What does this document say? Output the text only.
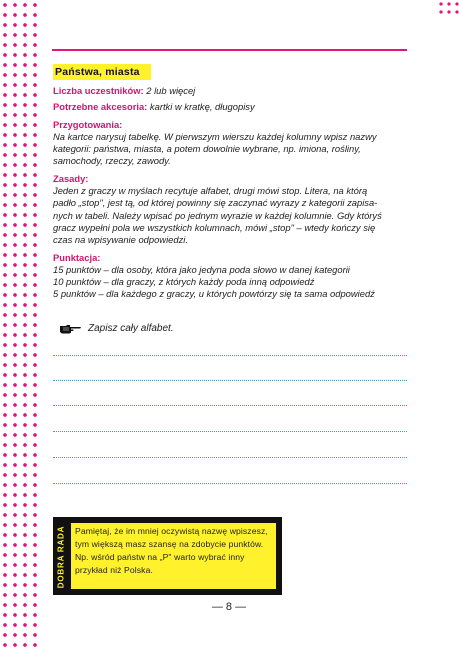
Państwa, miasta

Liczba uczestników: 2 lub więcej

Potrzebne akcesoria: kartki w kratkę, długopisy

Przygotowania:

Na kartce narysuj tabelkę. W pierwszym wierszu każdej kolumny wpisz nazwy

kategorii: państwa, miasta, a potem dowolnie wybrane, np. imiona, rośliny,

samochody, rzeczy, zawody.

Zasady:

Jeden z graczy w myślach recytuje alfabet, drugi mówi stop. Litera, na którą

padło „stop", jest tą, od której powinny się zaczynać wyrazy z kategorii zapisa-

nych w tabeli. Należy wpisać po jednym wyrazie w każdej kolumnie. Gdy któryś

gracz wypełni pola we wszystkich kolumnach, mówi „stop" – wtedy kończy się

czas na wpisywanie odpowiedzi.

Punktacja:

15 punktów – dla osoby, która jako jedyna poda słowo w danej kategorii

10 punktów – dla graczy, z których każdy poda inną odpowiedź

5 punktów – dla każdego z graczy, u których powtórzy się ta sama odpowiedź

Zapisz cały alfabet.
DOBRA RADA Pamiętaj, że im mniej oczywistą nazwę wpiszesz,
tym większą masz szansę na zdobycie punktów.
Np. wśród państw na „P" warto wybrać inny
przykład niż Polska.
— 8 —
